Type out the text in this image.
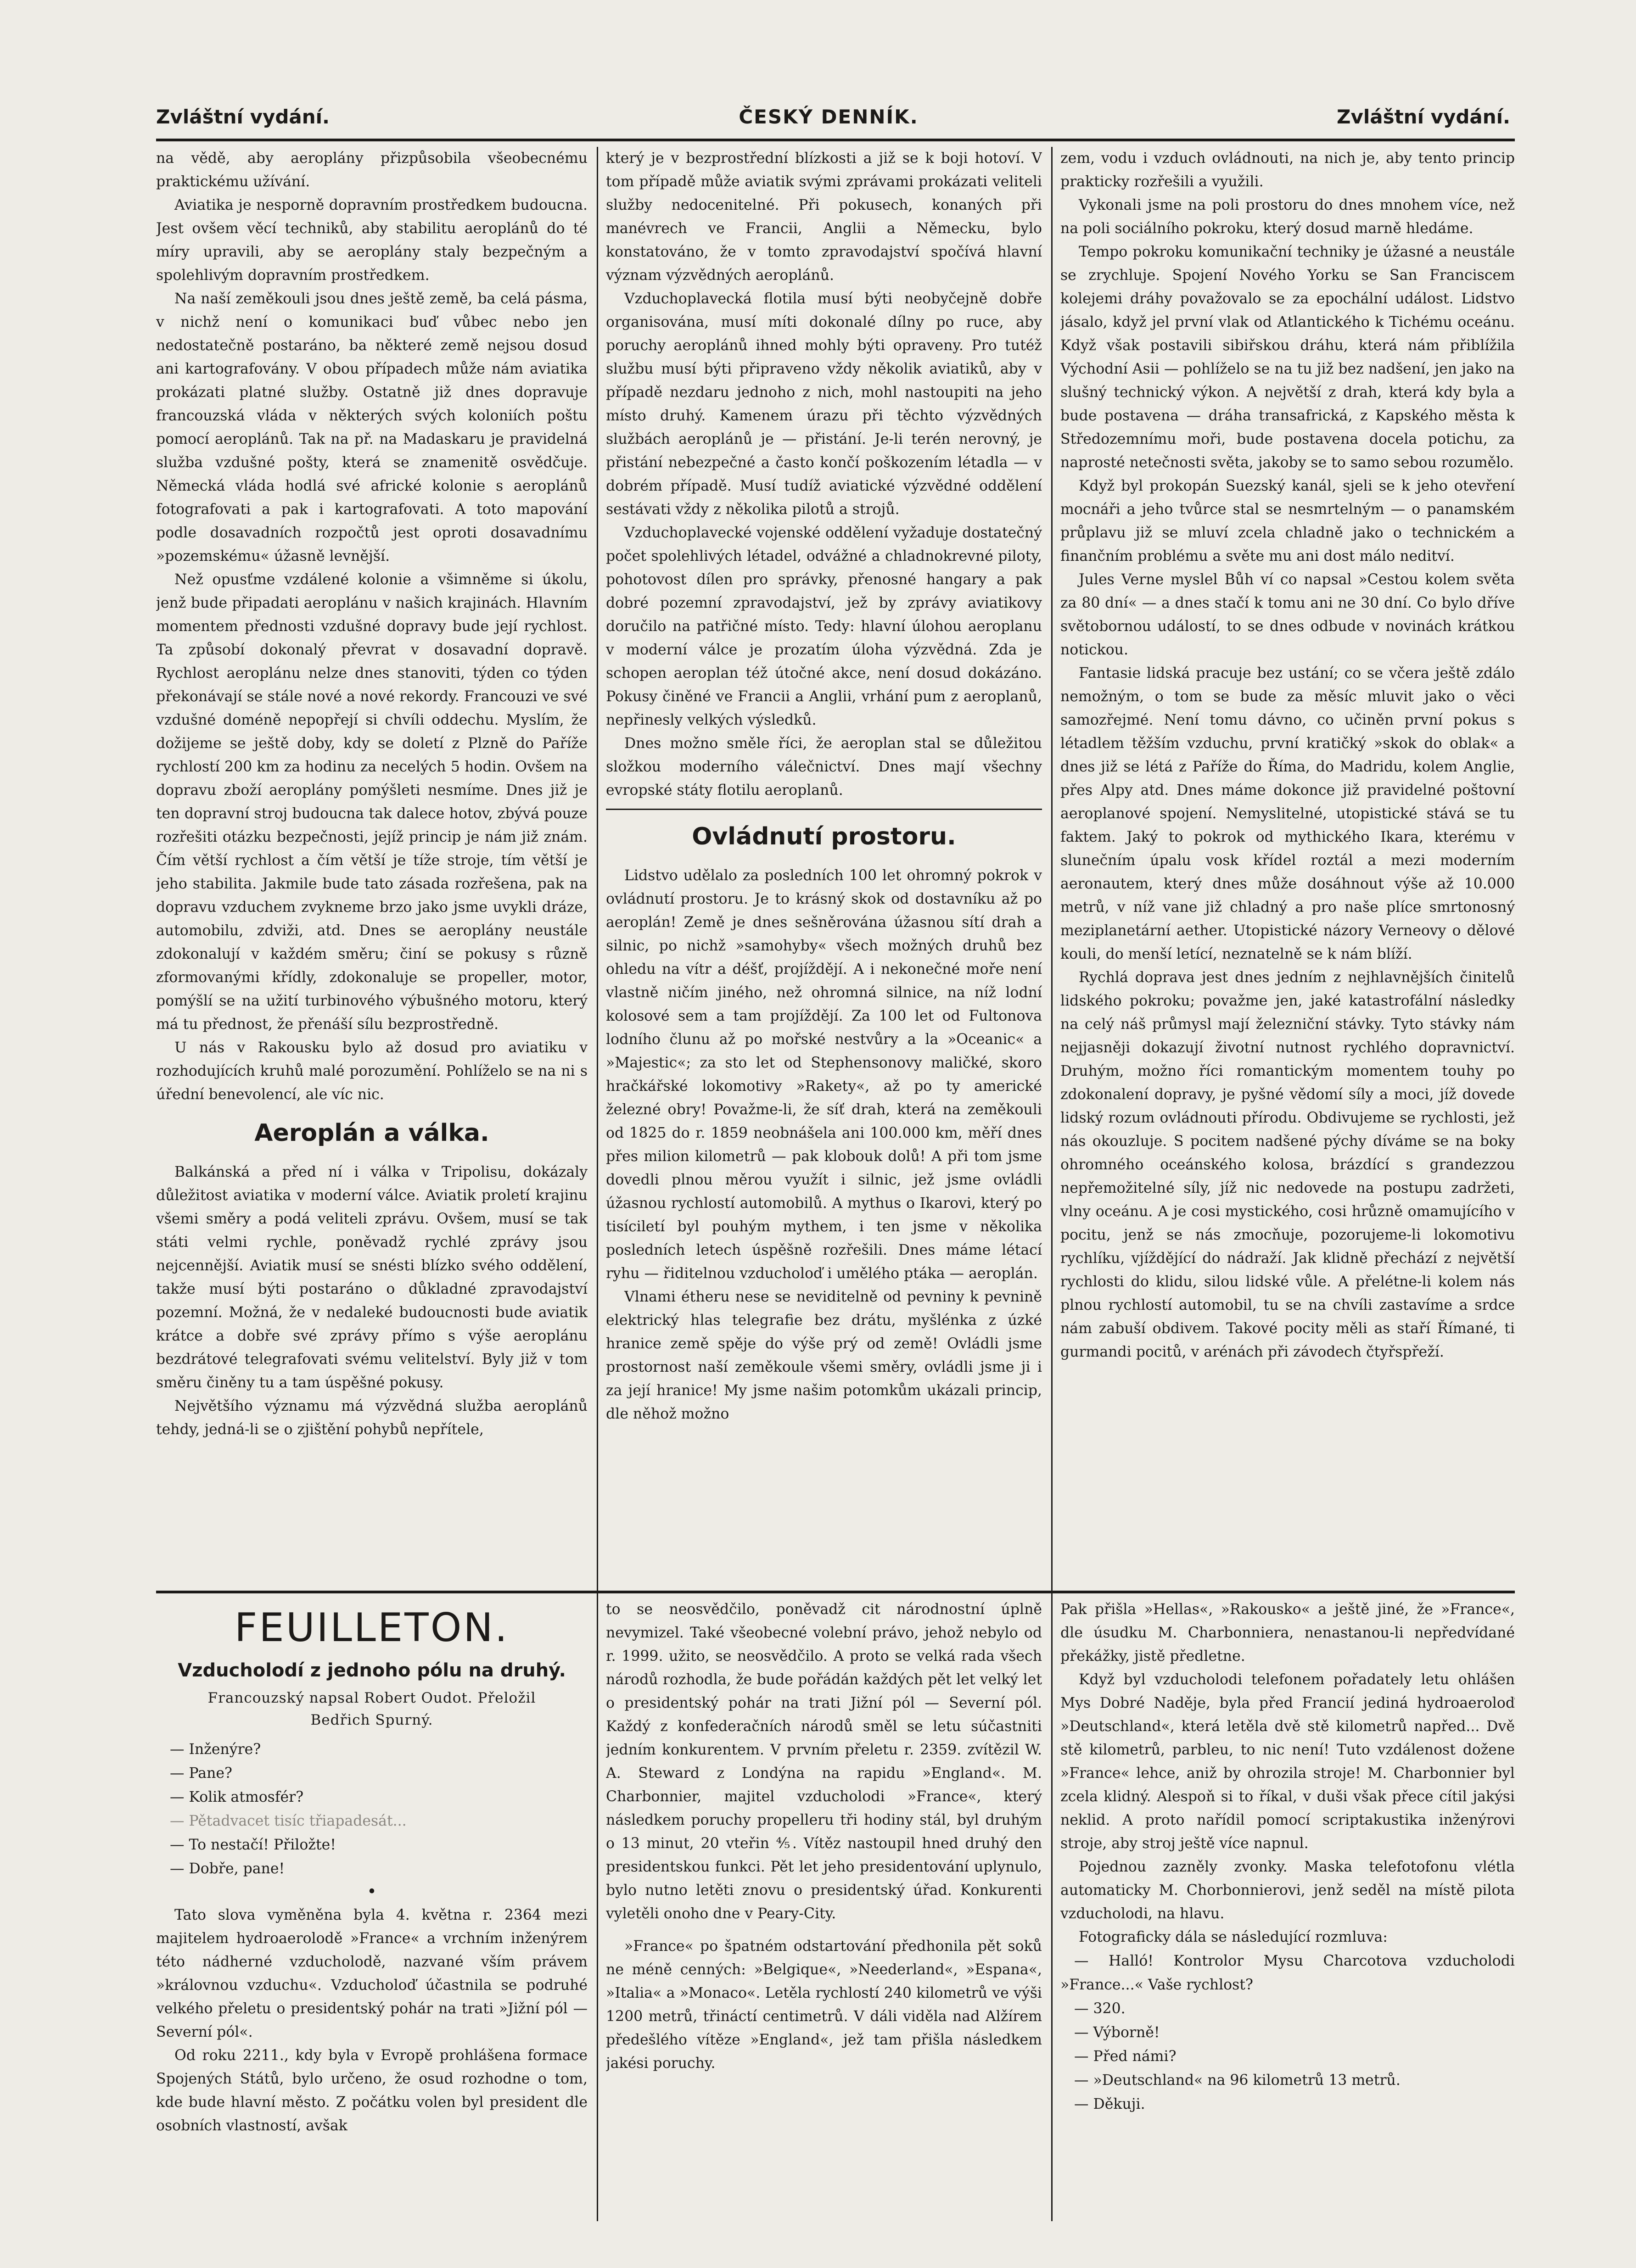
Zvláštní vydání.	ČESKÝ DENNÍK.	Zvláštní vydání.

na vědě, aby aeroplány přizpůsobila všeobecnému praktickému užívání.

Aviatika je nesporně dopravním prostředkem budoucna. Jest ovšem věcí techniků, aby stabilitu aeroplánů do té míry upravili, aby se aeroplány staly bezpečným a spolehlivým dopravním prostředkem.

Na naší zeměkouli jsou dnes ještě země, ba celá pásma, v nichž není o komunikaci buď vůbec nebo jen nedostatečně postaráno, ba některé země nejsou dosud ani kartografovány. V obou případech může nám aviatika prokázati platné služby. Ostatně již dnes dopravuje francouzská vláda v některých svých koloniích poštu pomocí aeroplánů. Tak na př. na Madaskaru je pravidelná služba vzdušné pošty, která se znamenitě osvědčuje. Německá vláda hodlá své africké kolonie s aeroplánů fotografovati a pak i kartografovati. A toto mapování podle dosavadních rozpočtů jest oproti dosavadnímu »pozemskému« úžasně levnější.

Než opusťme vzdálené kolonie a všimněme si úkolu, jenž bude připadati aeroplánu v našich krajinách. Hlavním momentem přednosti vzdušné dopravy bude její rychlost. Ta způsobí dokonalý převrat v dosavadní dopravě. Rychlost aeroplánu nelze dnes stanoviti, týden co týden překonávají se stále nové a nové rekordy. Francouzi ve své vzdušné doméně nepopřejí si chvíli oddechu. Myslím, že dožijeme se ještě doby, kdy se doletí z Plzně do Paříže rychlostí 200 km za hodinu za necelých 5 hodin. Ovšem na dopravu zboží aeroplány pomýšleti nesmíme. Dnes již je ten dopravní stroj budoucna tak dalece hotov, zbývá pouze rozřešiti otázku bezpečnosti, jejíž princip je nám již znám. Čím větší rychlost a čím větší je tíže stroje, tím větší je jeho stabilita. Jakmile bude tato zásada rozřešena, pak na dopravu vzduchem zvykneme brzo jako jsme uvykli dráze, automobilu, zdviži, atd. Dnes se aeroplány neustále zdokonalují v každém směru; činí se pokusy s různě zformovanými křídly, zdokonaluje se propeller, motor, pomýšlí se na užití turbinového výbušného motoru, který má tu přednost, že přenáší sílu bezprostředně.

U nás v Rakousku bylo až dosud pro aviatiku v rozhodujících kruhů malé porozumění. Pohlíželo se na ni s úřední benevolencí, ale víc nic.

Aeroplán a válka.

Balkánská a před ní i válka v Tripolisu, dokázaly důležitost aviatika v moderní válce. Aviatik proletí krajinu všemi směry a podá veliteli zprávu. Ovšem, musí se tak státi velmi rychle, poněvadž rychlé zprávy jsou nejcennější. Aviatik musí se snésti blízko svého oddělení, takže musí býti postaráno o důkladné zpravodajství pozemní. Možná, že v nedaleké budoucnosti bude aviatik krátce a dobře své zprávy přímo s výše aeroplánu bezdrátové telegrafovati svému velitelství. Byly již v tom směru činěny tu a tam úspěšné pokusy.

Největšího významu má výzvědná služba aeroplánů tehdy, jedná-li se o zjištění pohybů nepřítele,

který je v bezprostřední blízkosti a již se k boji hotoví. V tom případě může aviatik svými zprávami prokázati veliteli služby nedocenitelné. Při pokusech, konaných při manévrech ve Francii, Anglii a Německu, bylo konstatováno, že v tomto zpravodajství spočívá hlavní význam výzvědných aeroplánů.

Vzduchoplavecká flotila musí býti neobyčejně dobře organisována, musí míti dokonalé dílny po ruce, aby poruchy aeroplánů ihned mohly býti opraveny. Pro tutéž službu musí býti připraveno vždy několik aviatiků, aby v případě nezdaru jednoho z nich, mohl nastoupiti na jeho místo druhý. Kamenem úrazu při těchto výzvědných službách aeroplánů je — přistání. Je-li terén nerovný, je přistání nebezpečné a často končí poškozením létadla — v dobrém případě. Musí tudíž aviatické výzvědné oddělení sestávati vždy z několika pilotů a strojů.

Vzduchoplavecké vojenské oddělení vyžaduje dostatečný počet spolehlivých létadel, odvážné a chladnokrevné piloty, pohotovost dílen pro správky, přenosné hangary a pak dobré pozemní zpravodajství, jež by zprávy aviatikovy doručilo na patřičné místo. Tedy: hlavní úlohou aeroplanu v moderní válce je prozatím úloha výzvědná. Zda je schopen aeroplan též útočné akce, není dosud dokázáno. Pokusy činěné ve Francii a Anglii, vrhání pum z aeroplanů, nepřinesly velkých výsledků.

Dnes možno směle říci, že aeroplan stal se důležitou složkou moderního válečnictví. Dnes mají všechny evropské státy flotilu aeroplanů.

Ovládnutí prostoru.

Lidstvo udělalo za posledních 100 let ohromný pokrok v ovládnutí prostoru. Je to krásný skok od dostavníku až po aeroplán! Země je dnes sešněrována úžasnou sítí drah a silnic, po nichž »samohyby« všech možných druhů bez ohledu na vítr a déšť, projíždějí. A i nekonečné moře není vlastně ničím jiného, než ohromná silnice, na níž lodní kolosové sem a tam projíždějí. Za 100 let od Fultonova lodního člunu až po mořské nestvůry a la »Oceanic« a »Majestic«; za sto let od Stephensonovy maličké, skoro hračkářské lokomotivy »Rakety«, až po ty americké železné obry! Považme-li, že síť drah, která na zeměkouli od 1825 do r. 1859 neobnášela ani 100.000 km, měří dnes přes milion kilometrů — pak klobouk dolů! A při tom jsme dovedli plnou měrou využít i silnic, jež jsme ovládli úžasnou rychlostí automobilů. A mythus o Ikarovi, který po tisíciletí byl pouhým mythem, i ten jsme v několika posledních letech úspěšně rozřešili. Dnes máme létací ryhu — řiditelnou vzducholoď i umělého ptáka — aeroplán.

Vlnami étheru nese se neviditelně od pevniny k pevnině elektrický hlas telegrafie bez drátu, myšlénka z úzké hranice země spěje do výše prý od země! Ovládli jsme prostornost naší zeměkoule všemi směry, ovládli jsme ji i za její hranice! My jsme našim potomkům ukázali princip, dle něhož možno

zem, vodu i vzduch ovládnouti, na nich je, aby tento princip prakticky rozřešili a využili.

Vykonali jsme na poli prostoru do dnes mnohem více, než na poli sociálního pokroku, který dosud marně hledáme.

Tempo pokroku komunikační techniky je úžasné a neustále se zrychluje. Spojení Nového Yorku se San Franciscem kolejemi dráhy považovalo se za epochální událost. Lidstvo jásalo, když jel první vlak od Atlantického k Tichému oceánu. Když však postavili sibiřskou dráhu, která nám přiblížila Východní Asii — pohlíželo se na tu již bez nadšení, jen jako na slušný technický výkon. A největší z drah, která kdy byla a bude postavena — dráha transafrická, z Kapského města k Středozemnímu moři, bude postavena docela potichu, za naprosté netečnosti světa, jakoby se to samo sebou rozumělo.

Když byl prokopán Suezský kanál, sjeli se k jeho otevření mocnáři a jeho tvůrce stal se nesmrtelným — o panamském průplavu již se mluví zcela chladně jako o technickém a finančním problému a světe mu ani dost málo neditví.

Jules Verne myslel Bůh ví co napsal »Cestou kolem světa za 80 dní« — a dnes stačí k tomu ani ne 30 dní. Co bylo dříve světobornou událostí, to se dnes odbude v novinách krátkou notickou.

Fantasie lidská pracuje bez ustání; co se včera ještě zdálo nemožným, o tom se bude za měsíc mluvit jako o věci samozřejmé. Není tomu dávno, co učiněn první pokus s létadlem těžším vzduchu, první kratičký »skok do oblak« a dnes již se létá z Paříže do Říma, do Madridu, kolem Anglie, přes Alpy atd. Dnes máme dokonce již pravidelné poštovní aeroplanové spojení. Nemyslitelné, utopistické stává se tu faktem. Jaký to pokrok od mythického Ikara, kterému v slunečním úpalu vosk křídel roztál a mezi moderním aeronautem, který dnes může dosáhnout výše až 10.000 metrů, v níž vane již chladný a pro naše plíce smrtonosný meziplanetární aether. Utopistické názory Verneovy o dělové kouli, do menší letící, neznatelně se k nám blíží.

Rychlá doprava jest dnes jedním z nejhlavnějších činitelů lidského pokroku; považme jen, jaké katastrofální následky na celý náš průmysl mají železniční stávky. Tyto stávky nám nejjasněji dokazují životní nutnost rychlého dopravnictví. Druhým, možno říci romantickým momentem touhy po zdokonalení dopravy, je pyšné vědomí síly a moci, jíž dovede lidský rozum ovládnouti přírodu. Obdivujeme se rychlosti, jež nás okouzluje. S pocitem nadšené pýchy díváme se na boky ohromného oceánského kolosa, brázdící s grandezzou nepřemožitelné síly, jíž nic nedovede na postupu zadržeti, vlny oceánu. A je cosi mystického, cosi hrůzně omamujícího v pocitu, jenž se nás zmocňuje, pozorujeme-li lokomotivu rychlíku, vjíždějící do nádraží. Jak klidně přechází z největší rychlosti do klidu, silou lidské vůle. A přelétne-li kolem nás plnou rychlostí automobil, tu se na chvíli zastavíme a srdce nám zabuší obdivem. Takové pocity měli as staří Římané, ti gurmandi pocitů, v arénách při závodech čtyřspřeží.

FEUILLETON.
Vzducholodí z jednoho pólu na druhý.
Francouzský napsal Robert Oudot. Přeložil
Bedřich Spurný.
— Inženýre?
— Pane?
— Kolik atmosfér?
— Pětadvacet tisíc třiapadesát...
— To nestačí! Přiložte!
— Dobře, pane!
•

Tato slova vyměněna byla 4. května r. 2364 mezi majitelem hydroaerolodě »France« a vrchním inženýrem této nádherné vzducholodě, nazvané vším právem »královnou vzduchu«. Vzducholoď účastnila se podruhé velkého přeletu o presidentský pohár na trati »Jižní pól — Severní pól«.

Od roku 2211., kdy byla v Evropě prohlášena formace Spojených Států, bylo určeno, že osud rozhodne o tom, kde bude hlavní město. Z počátku volen byl president dle osobních vlastností, avšak

to se neosvědčilo, poněvadž cit národnostní úplně nevymizel. Také všeobecné volební právo, jehož nebylo od r. 1999. užito, se neosvědčilo. A proto se velká rada všech národů rozhodla, že bude pořádán každých pět let velký let o presidentský pohár na trati Jižní pól — Severní pól. Každý z konfederačních národů směl se letu súčastniti jedním konkurentem. V prvním přeletu r. 2359. zvítězil W. A. Steward z Londýna na rapidu »England«. M. Charbonnier, majitel vzducholodi »France«, který následkem poruchy propelleru tři hodiny stál, byl druhým o 13 minut, 20 vteřin ⅘. Vítěz nastoupil hned druhý den presidentskou funkci. Pět let jeho presidentování uplynulo, bylo nutno letěti znovu o presidentský úřad. Konkurenti vyletěli onoho dne v Peary-City.

»France« po špatném odstartování předhonila pět soků ne méně cenných: »Belgique«, »Neederland«, »Espana«, »Italia« a »Monaco«. Letěla rychlostí 240 kilometrů ve výši 1200 metrů, třináctí centimetrů. V dáli viděla nad Alžírem předešlého vítěze »England«, jež tam přišla následkem jakési poruchy.

Pak přišla »Hellas«, »Rakousko« a ještě jiné, že »France«, dle úsudku M. Charbonniera, nenastanou-li nepředvídané překážky, jistě předletne.

Když byl vzducholodi telefonem pořadately letu ohlášen Mys Dobré Naděje, byla před Francií jediná hydroaeroloď »Deutschland«, která letěla dvě stě kilometrů napřed... Dvě stě kilometrů, parbleu, to nic není! Tuto vzdálenost dožene »France« lehce, aniž by ohrozila stroje! M. Charbonnier byl zcela klidný. Alespoň si to říkal, v duši však přece cítil jakýsi neklid. A proto nařídil pomocí scriptakustika inženýrovi stroje, aby stroj ještě více napnul.

Pojednou zazněly zvonky. Maska telefotofonu vlétla automaticky M. Chorbonnierovi, jenž seděl na místě pilota vzducholodi, na hlavu.

Fotograficky dála se následující rozmluva:

— Halló! Kontrolor Mysu Charcotova vzducholodi »France...« Vaše rychlost?
— 320.
— Výborně!
— Před námi?
— »Deutschland« na 96 kilometrů 13 metrů.
— Děkuji.
